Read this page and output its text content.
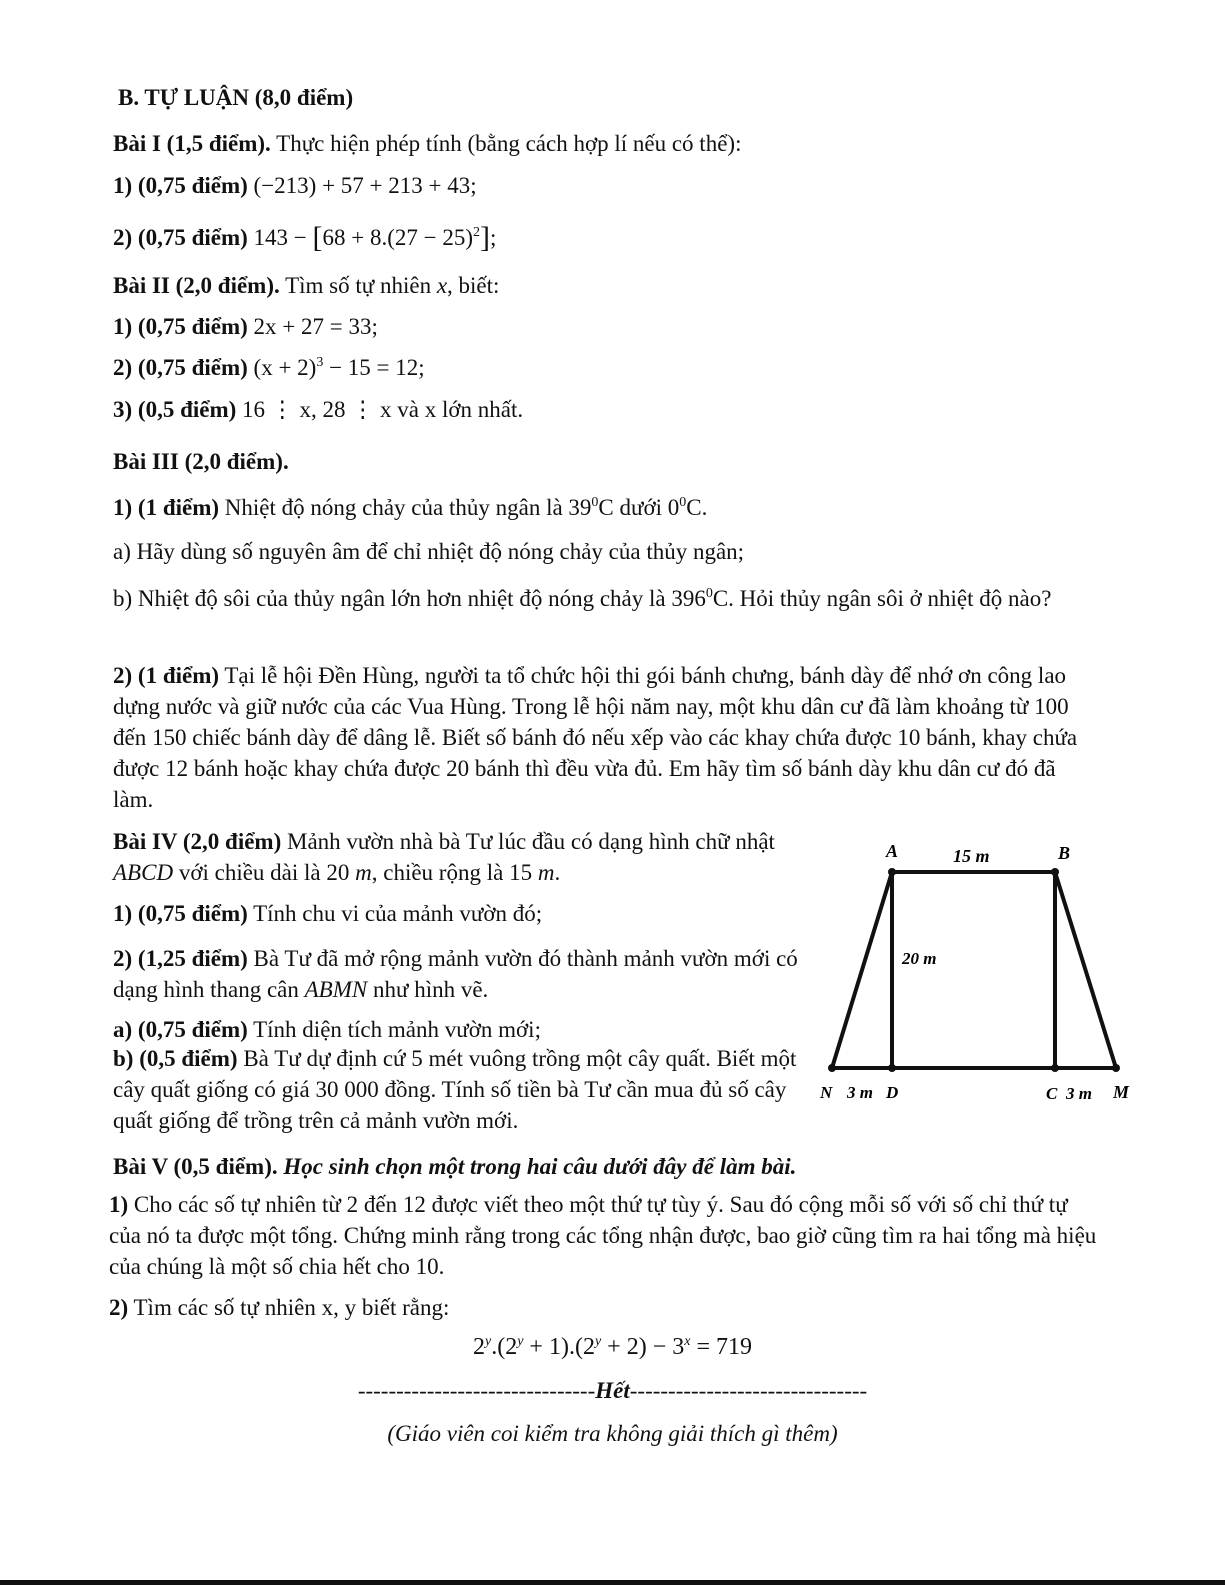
B. TỰ LUẬN (8,0 điểm)
Bài I (1,5 điểm). Thực hiện phép tính (bằng cách hợp lí nếu có thể):
1) (0,75 điểm) (−213) + 57 + 213 + 43;
2) (0,75 điểm) $143 - [68 + 8.(27 - 25)^2]$;
Bài II (2,0 điểm). Tìm số tự nhiên x, biết:
1) (0,75 điểm) 2x + 27 = 33;
2) (0,75 điểm) $(x + 2)^3 - 15 = 12$;
3) (0,5 điểm) 16 ⋮ x, 28 ⋮ x và x lớn nhất.
Bài III (2,0 điểm).
1) (1 điểm) Nhiệt độ nóng chảy của thủy ngân là $39^0C$ dưới $0^0C$.
a) Hãy dùng số nguyên âm để chỉ nhiệt độ nóng chảy của thủy ngân;
b) Nhiệt độ sôi của thủy ngân lớn hơn nhiệt độ nóng chảy là $396^0C$. Hỏi thủy ngân sôi ở nhiệt độ nào?
2) (1 điểm) Tại lễ hội Đền Hùng, người ta tổ chức hội thi gói bánh chưng, bánh dày để nhớ ơn công lao dựng nước và giữ nước của các Vua Hùng. Trong lễ hội năm nay, một khu dân cư đã làm khoảng từ 100 đến 150 chiếc bánh dày để dâng lễ. Biết số bánh đó nếu xếp vào các khay chứa được 10 bánh, khay chứa được 12 bánh hoặc khay chứa được 20 bánh thì đều vừa đủ. Em hãy tìm số bánh dày khu dân cư đó đã làm.
Bài IV (2,0 điểm) Mảnh vườn nhà bà Tư lúc đầu có dạng hình chữ nhật ABCD với chiều dài là 20 m, chiều rộng là 15 m.
1) (0,75 điểm) Tính chu vi của mảnh vườn đó;
2) (1,25 điểm) Bà Tư đã mở rộng mảnh vườn đó thành mảnh vườn mới có dạng hình thang cân ABMN như hình vẽ.
a) (0,75 điểm) Tính diện tích mảnh vườn mới;
b) (0,5 điểm) Bà Tư dự định cứ 5 mét vuông trồng một cây quất. Biết một cây quất giống có giá 30 000 đồng. Tính số tiền bà Tư cần mua đủ số cây quất giống để trồng trên cả mảnh vườn mới.
A	15 m	B
20 m
N 3 m D	C 3 m M
Bài V (0,5 điểm). Học sinh chọn một trong hai câu dưới đây để làm bài.
1) Cho các số tự nhiên từ 2 đến 12 được viết theo một thứ tự tùy ý. Sau đó cộng mỗi số với số chỉ thứ tự của nó ta được một tổng. Chứng minh rằng trong các tổng nhận được, bao giờ cũng tìm ra hai tổng mà hiệu của chúng là một số chia hết cho 10.
2) Tìm các số tự nhiên x, y biết rằng:
$2^y.(2^y + 1).(2^y + 2) - 3^x = 719$
-------------------------------Hết-------------------------------
(Giáo viên coi kiểm tra không giải thích gì thêm)
